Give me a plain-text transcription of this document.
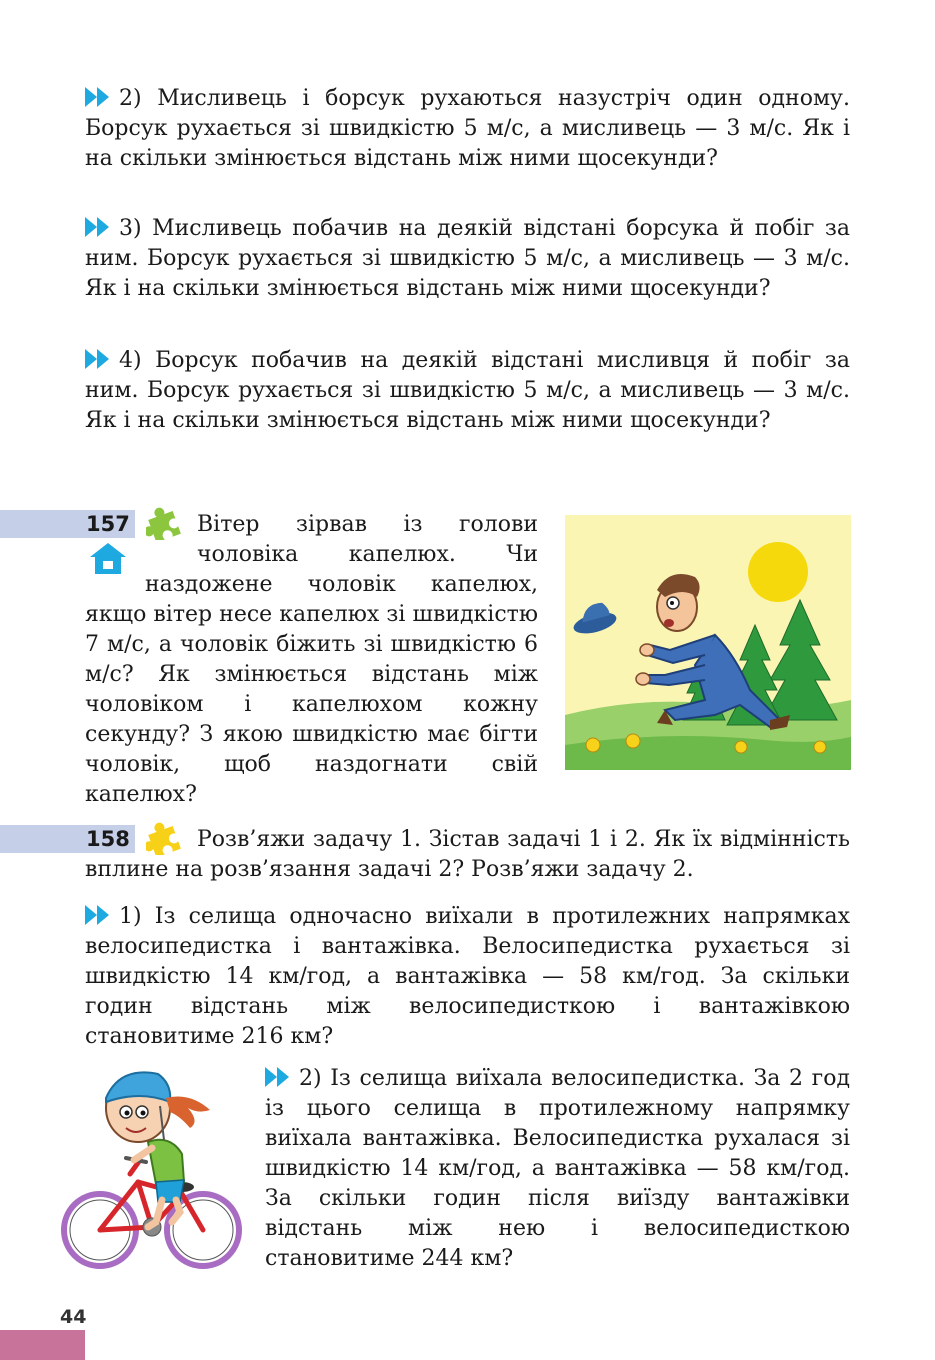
2) Мисливець і борсук рухаються назустріч один одному. Борсук рухається зі швидкістю 5 м/с, а мисливець — 3 м/с. Як і на скільки змінюється відстань між ними щосекунди?

3) Мисливець побачив на деякій відстані борсука й побіг за ним. Борсук рухається зі швидкістю 5 м/с, а мисливець — 3 м/с. Як і на скільки змінюється відстань між ними щосекунди?

4) Борсук побачив на деякій відстані мисливця й побіг за ним. Борсук рухається зі швидкістю 5 м/с, а мисливець — 3 м/с. Як і на скільки змінюється відстань між ними щосекунди?

157	Вітер зірвав із голови чоловіка капелюх. Чи наздожене чоловік капелюх, якщо вітер несе капелюх зі швидкістю 7 м/с, а чоловік біжить зі швидкістю 6 м/с? Як змінюється відстань між чоловіком і капелюхом кожну секунду? З якою швидкістю має бігти чоловік, щоб наздогнати свій капелюх?
158	Розв’яжи задачу 1. Зістав задачі 1 і 2. Як їх відмінність вплине на розв’язання задачі 2? Розв’яжи задачу 2.

1) Із селища одночасно виїхали в протилежних напрямках велосипедистка і вантажівка. Велосипедистка рухається зі швидкістю 14 км/год, а вантажівка — 58 км/год. За скільки годин відстань між велосипедисткою і вантажівкою становитиме 216 км?

2) Із селища виїхала велосипедистка. За 2 год із цього селища в протилежному напрямку виїхала вантажівка. Велосипедистка рухалася зі швидкістю 14 км/год, а вантажівка — 58 км/год. За скільки годин після виїзду вантажівки відстань між нею і велосипедисткою становитиме 244 км?

44
